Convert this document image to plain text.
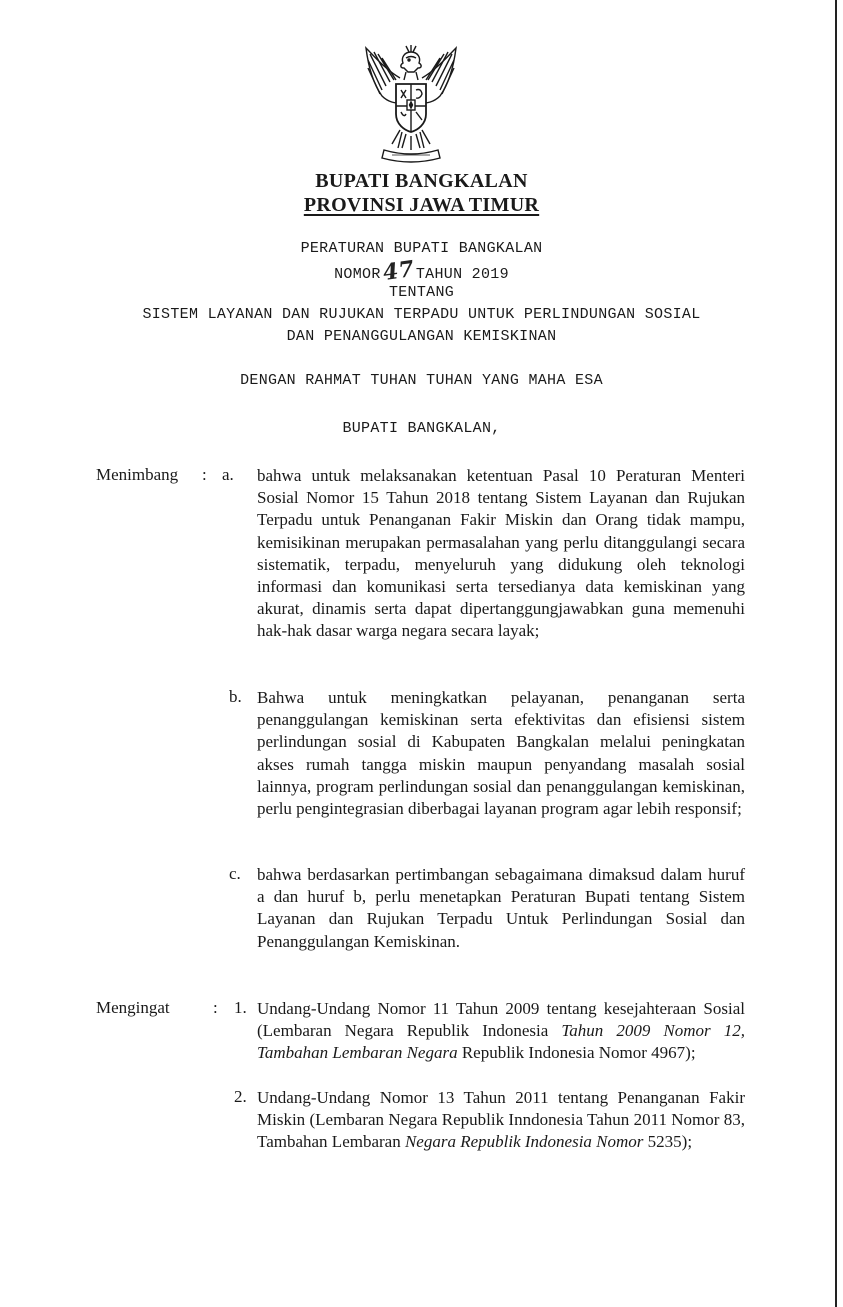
BUPATI BANGKALAN
PROVINSI JAWA TIMUR
PERATURAN BUPATI BANGKALAN
NOMOR47TAHUN 2019
TENTANG
SISTEM LAYANAN DAN RUJUKAN TERPADU UNTUK PERLINDUNGAN SOSIAL
DAN PENANGGULANGAN KEMISKINAN
DENGAN RAHMAT TUHAN TUHAN YANG MAHA ESA
BUPATI BANGKALAN,
Menimbang : a. bahwa untuk melaksanakan ketentuan Pasal 10 Peraturan Menteri Sosial Nomor 15 Tahun 2018 tentang Sistem Layanan dan Rujukan Terpadu untuk Penanganan Fakir Miskin dan Orang tidak mampu, kemisikinan merupakan permasalahan yang perlu ditanggulangi secara sistematik, terpadu, menyeluruh yang didukung oleh teknologi informasi dan komunikasi serta tersedianya data kemiskinan yang akurat, dinamis serta dapat dipertanggungjawabkan guna memenuhi hak-hak dasar warga negara secara layak;
b. Bahwa untuk meningkatkan pelayanan, penanganan serta penanggulangan kemiskinan serta efektivitas dan efisiensi sistem perlindungan sosial di Kabupaten Bangkalan melalui peningkatan akses rumah tangga miskin maupun penyandang masalah sosial lainnya, program perlindungan sosial dan penanggulangan kemiskinan, perlu pengintegrasian diberbagai layanan program agar lebih responsif;
c. bahwa berdasarkan pertimbangan sebagaimana dimaksud dalam huruf a dan huruf b, perlu menetapkan Peraturan Bupati tentang Sistem Layanan dan Rujukan Terpadu Untuk Perlindungan Sosial dan Penanggulangan Kemiskinan.
Mengingat	: 1. Undang-Undang Nomor 11 Tahun 2009 tentang kesejahteraan Sosial (Lembaran Negara Republik Indonesia Tahun 2009 Nomor 12, Tambahan Lembaran Negara Republik Indonesia Nomor 4967);
2. Undang-Undang Nomor 13 Tahun 2011 tentang Penanganan Fakir Miskin (Lembaran Negara Republik Inndonesia Tahun 2011 Nomor 83, Tambahan Lembaran Negara Republik Indonesia Nomor 5235);
